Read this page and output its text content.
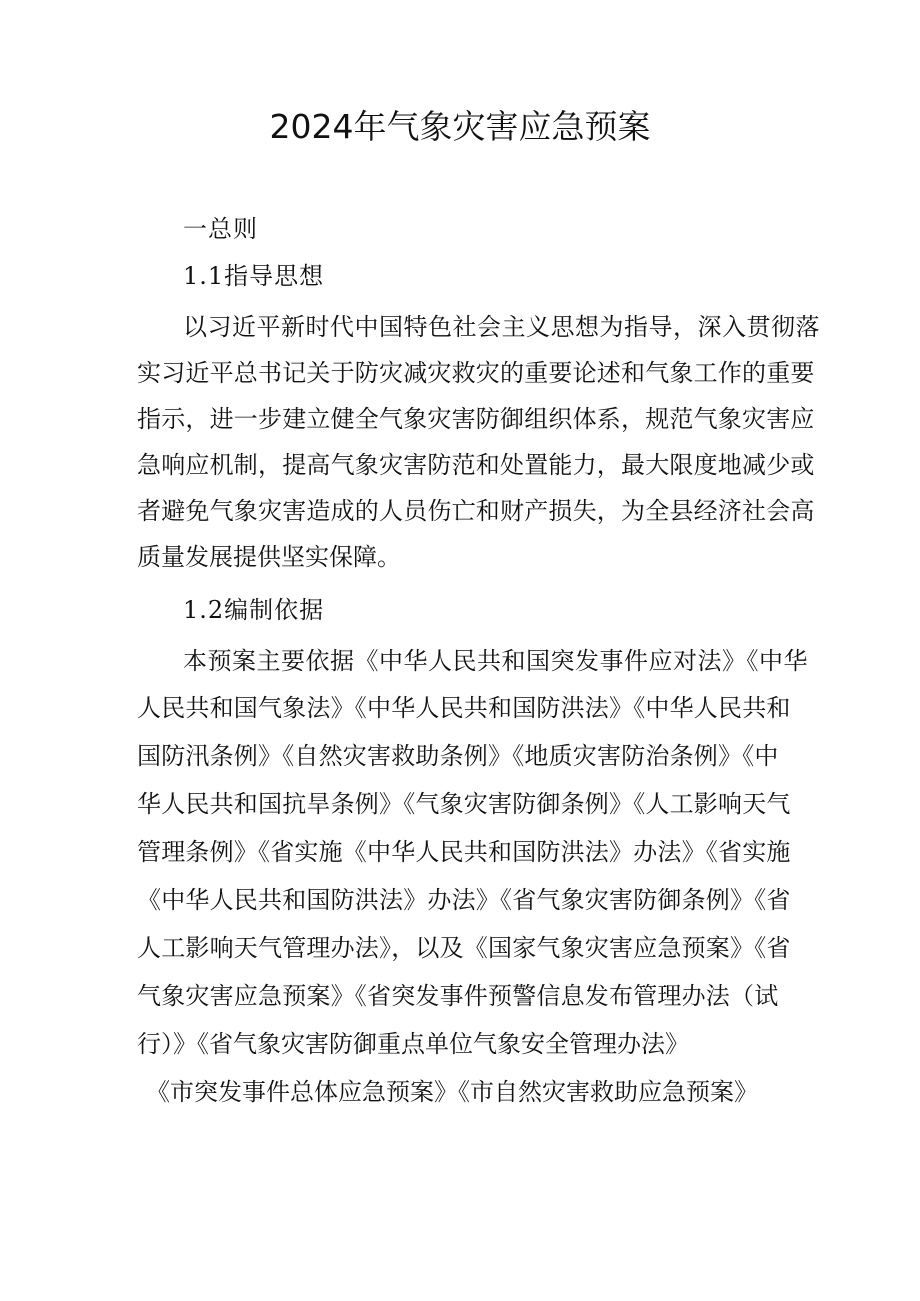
2024年气象灾害应急预案

一总则

1.1指导思想

以习近平新时代中国特色社会主义思想为指导，深入贯彻落

实习近平总书记关于防灾减灾救灾的重要论述和气象工作的重要

指示，进一步建立健全气象灾害防御组织体系，规范气象灾害应

急响应机制，提高气象灾害防范和处置能力，最大限度地减少或

者避免气象灾害造成的人员伤亡和财产损失，为全县经济社会高

质量发展提供坚实保障。

1.2编制依据

本预案主要依据《中华人民共和国突发事件应对法》《中华

人民共和国气象法》《中华人民共和国防洪法》《中华人民共和

国防汛条例》《自然灾害救助条例》《地质灾害防治条例》《中

华人民共和国抗旱条例》《气象灾害防御条例》《人工影响天气

管理条例》《省实施《中华人民共和国防洪法》办法》《省实施

《中华人民共和国防洪法》办法》《省气象灾害防御条例》《省

人工影响天气管理办法》，以及《国家气象灾害应急预案》《省

气象灾害应急预案》《省突发事件预警信息发布管理办法（试

行）》《省气象灾害防御重点单位气象安全管理办法》

《市突发事件总体应急预案》《市自然灾害救助应急预案》
